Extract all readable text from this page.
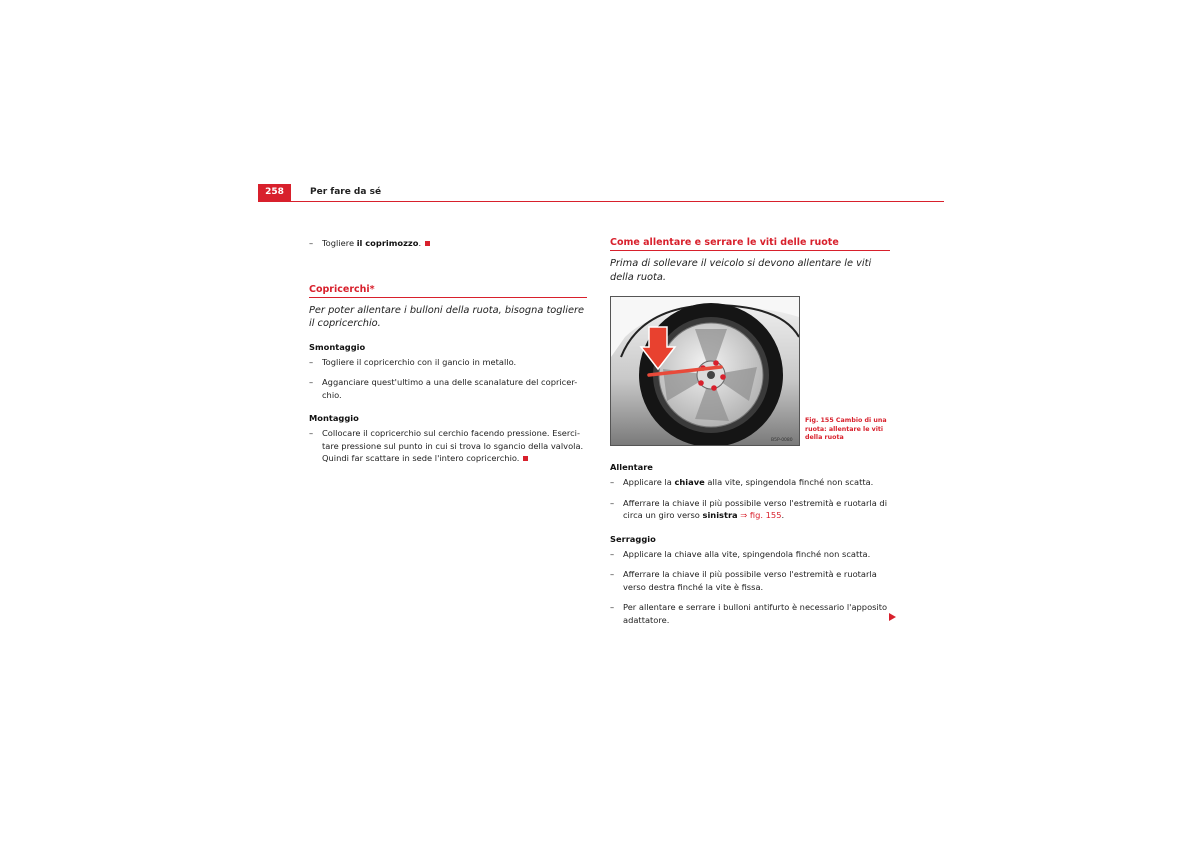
258	Per fare da sé
– Togliere il coprimozzo.
Copricerchi*

Per poter allentare i bulloni della ruota, bisogna togliere il copricerchio.

Smontaggio
– Togliere il copricerchio con il gancio in metallo.
– Agganciare quest'ultimo a una delle scanalature del copricer-chio.
Montaggio
– Collocare il copricerchio sul cerchio facendo pressione. Eserci-tare pressione sul punto in cui si trova lo sgancio della valvola. Quindi far scattare in sede l'intero copricerchio.
Come allentare e serrare le viti delle ruote

Prima di sollevare il veicolo si devono allentare le viti della ruota.

B5P-0080
Fig. 155 Cambio di una ruota: allentare le viti della ruota
Allentare
– Applicare la chiave alla vite, spingendola finché non scatta.
– Afferrare la chiave il più possibile verso l'estremità e ruotarla di circa un giro verso sinistra ⇒ fig. 155.
Serraggio
– Applicare la chiave alla vite, spingendola finché non scatta.
– Afferrare la chiave il più possibile verso l'estremità e ruotarla verso destra finché la vite è fissa.
– Per allentare e serrare i bulloni antifurto è necessario l'apposito adattatore.
